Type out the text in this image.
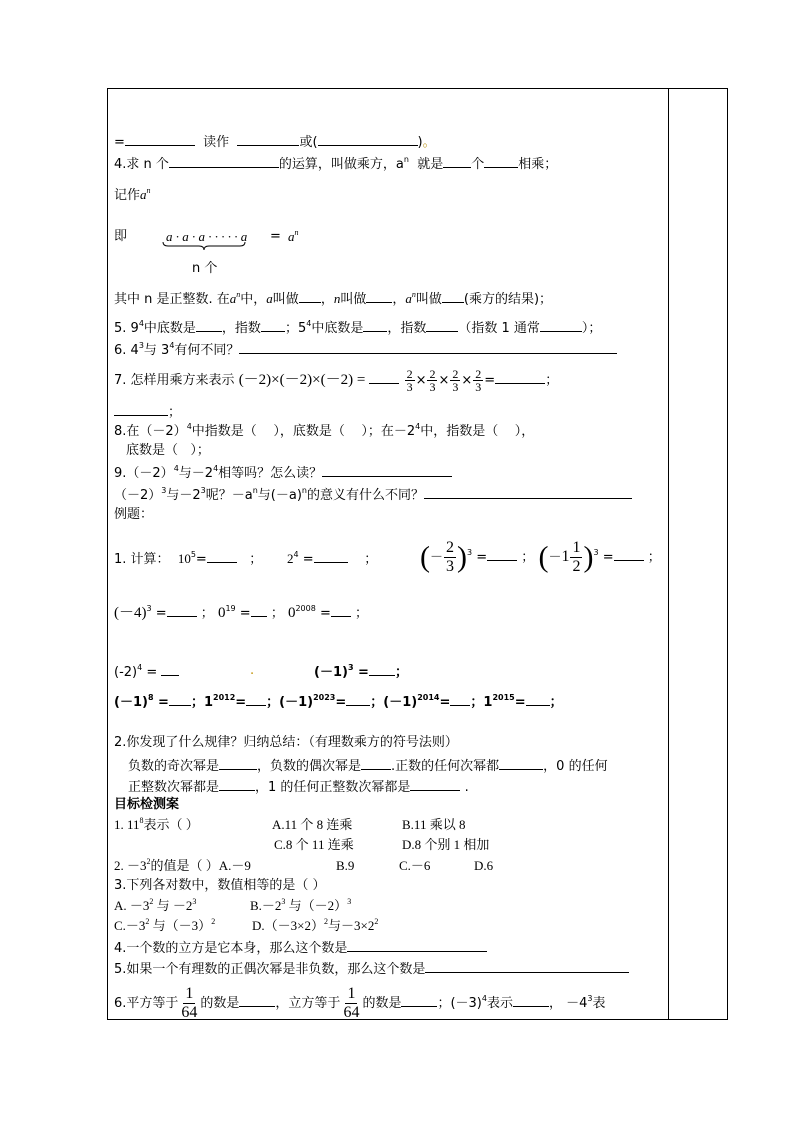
=	读作	或(	)。
4.求 n 个	的运算，叫做乘方，$a^n$ 就是 个	相乘；
记作$a^n$
即	a · a · a · · · · · a	= $a^n$
n 个
其中 n 是正整数. 在$a^n$中，a叫做 ，n叫做 ，$a^n$叫做 (乘方的结果)；
5. $9^4$中底数是 ，指数 ；$5^4$中底数是 ，指数 （指数 1 通常	）；
6. $4^3$与 $3^4$有何不同？
7. 怎样用乘方来表示 (－2)×(－2)×(－2) =	$\frac{2}{3} \times \frac{2}{3} \times \frac{2}{3} \times \frac{2}{3}$ =	；
；
8.在$(-2)^4$中指数是（ ），底数是（ ）；在$-2^4$中，指数是（ ），
底数是（ ）；
$9.(-2)^4$与$-2^4$相等吗？怎么读？
$(-2)^3$与$-2^3$呢？$-a^n$与$(-a)^n$的意义有什么不同？
例题：
1. 计算： $10^5=$	； $2^4$ =	； (－ $\frac{2}{3} )^3$ =	； $(-1 \frac{1}{2} )^3$ =	；
$(-4)^3$ =	； $0^{19}$ = ； $0^{2008}$ = ；
$(-2)^4$ =	.	$(-1)^3$ = ；
$(-1)^8$ = ；$1^{2012}=$ ；$(-1)^{2023}=$ ；$(-1)^{2014}=$ ；$1^{2015}=$ ；
2.你发现了什么规律？归纳总结：（有理数乘方的符号法则）
负数的奇次幂是	，负数的偶次幂是 .正数的任何次幂都	，0 的任何
正整数次幂都是	，1 的任何正整数次幂都是	.
目标检测案
1. $11^8$表示（ ）	A.11 个 8 连乘	B.11 乘以 8
C.8 个 11 连乘	D.8 个别 1 相加
2. $-3^2$的值是（ ）A.－9	B.9	C.－6	D.6
3.下列各对数中，数值相等的是（ ）
A. $-3^2$ 与 $-2^3$	$B.-2^3$ 与$(-2)^3$
$C.-3^2$ 与$(-3)^2$	$D.(-3\times 2)^2$与$-3\times 2^2$
4.一个数的立方是它本身，那么这个数是
5.如果一个有理数的正偶次幂是非负数，那么这个数是
6.平方等于 $\frac{1}{64}$ 的数是	，立方等于 $\frac{1}{64}$ 的数是	；$(-3)^4$表示	， $-4^3$表
